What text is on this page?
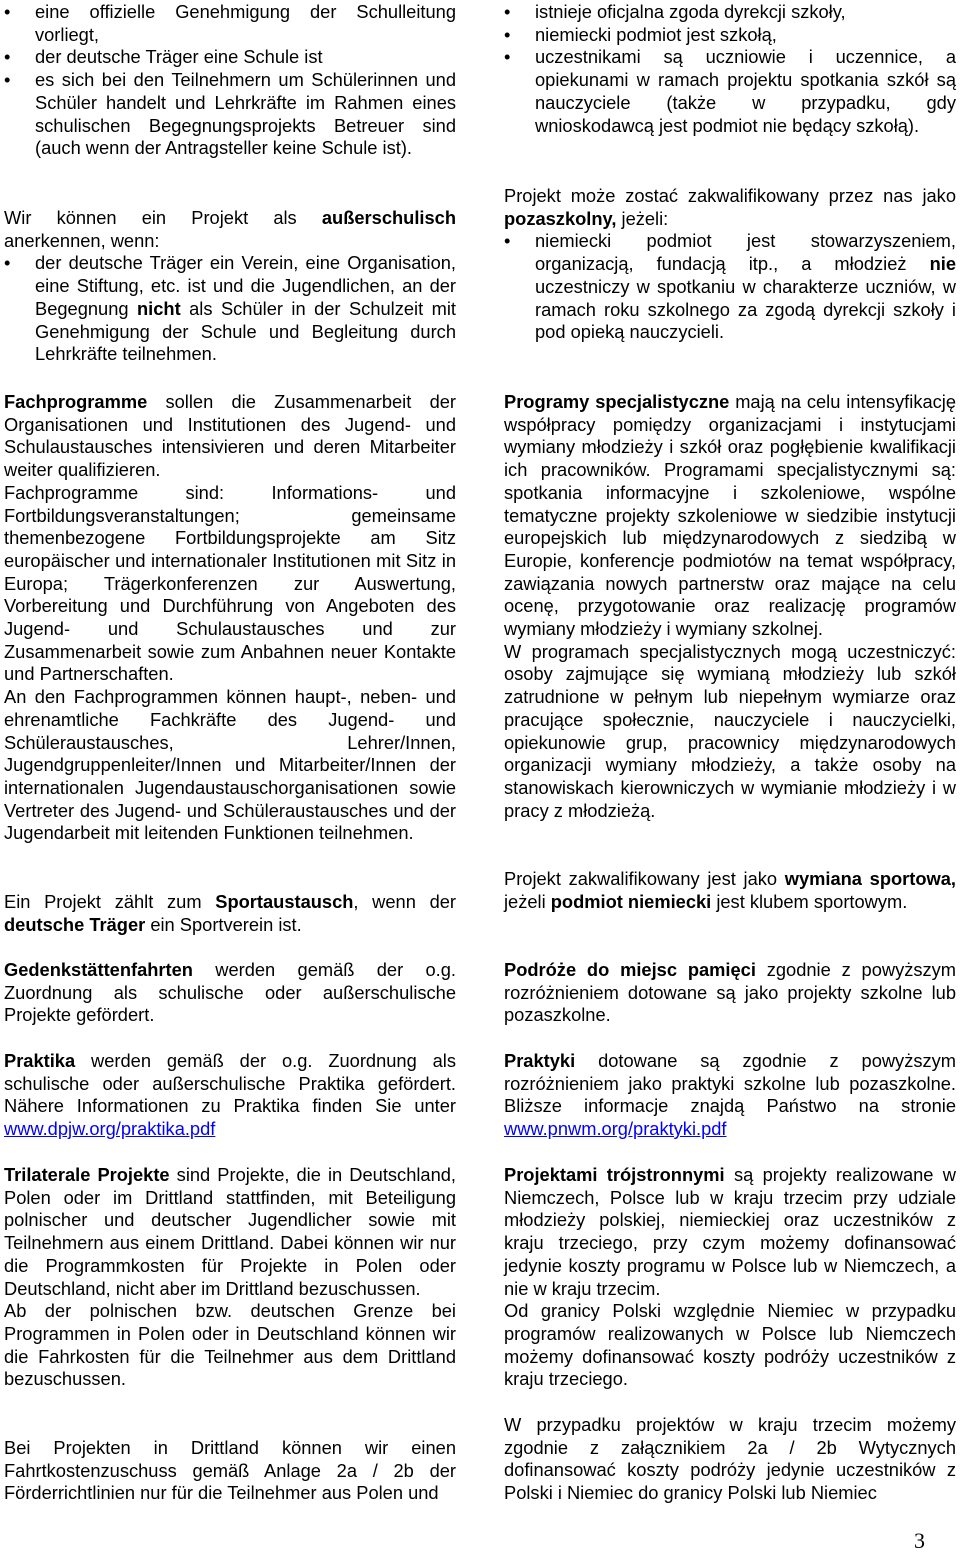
• eine offizielle Genehmigung der Schulleitung vorliegt,
• der deutsche Träger eine Schule ist
• es sich bei den Teilnehmern um Schülerinnen und Schüler handelt und Lehrkräfte im Rahmen eines schulischen Begegnungsprojekts Betreuer sind (auch wenn der Antragsteller keine Schule ist).

Wir können ein Projekt als außerschulisch anerkennen, wenn:

• der deutsche Träger ein Verein, eine Organisation, eine Stiftung, etc. ist und die Jugendlichen, an der Begegnung nicht als Schüler in der Schulzeit mit Genehmigung der Schule und Begleitung durch Lehrkräfte teilnehmen.

Fachprogramme sollen die Zusammenarbeit der Organisationen und Institutionen des Jugend- und Schulaustausches intensivieren und deren Mitarbeiter weiter qualifizieren.

Fachprogramme sind: Informations- und Fortbildungsveranstaltungen; gemeinsame themenbezogene Fortbildungsprojekte am Sitz europäischer und internationaler Institutionen mit Sitz in Europa; Trägerkonferenzen zur Auswertung, Vorbereitung und Durchführung von Angeboten des Jugend- und Schulaustausches und zur Zusammenarbeit sowie zum Anbahnen neuer Kontakte und Partnerschaften.

An den Fachprogrammen können haupt-, neben- und ehrenamtliche Fachkräfte des Jugend- und Schüleraustausches, Lehrer/Innen, Jugendgruppenleiter/Innen und Mitarbeiter/Innen der internationalen Jugendaustauschorganisationen sowie Vertreter des Jugend- und Schüleraustausches und der Jugendarbeit mit leitenden Funktionen teilnehmen.

Ein Projekt zählt zum Sportaustausch, wenn der deutsche Träger ein Sportverein ist.

Gedenkstättenfahrten werden gemäß der o.g. Zuordnung als schulische oder außerschulische Projekte gefördert.

Praktika werden gemäß der o.g. Zuordnung als schulische oder außerschulische Praktika gefördert. Nähere Informationen zu Praktika finden Sie unter www.dpjw.org/praktika.pdf

Trilaterale Projekte sind Projekte, die in Deutschland, Polen oder im Drittland stattfinden, mit Beteiligung polnischer und deutscher Jugendlicher sowie mit Teilnehmern aus einem Drittland. Dabei können wir nur die Programmkosten für Projekte in Polen oder Deutschland, nicht aber im Drittland bezuschussen.

Ab der polnischen bzw. deutschen Grenze bei Programmen in Polen oder in Deutschland können wir die Fahrkosten für die Teilnehmer aus dem Drittland bezuschussen.

Bei Projekten in Drittland können wir einen Fahrtkostenzuschuss gemäß Anlage 2a / 2b der Förderrichtlinien nur für die Teilnehmer aus Polen und

• istnieje oficjalna zgoda dyrekcji szkoły,
• niemiecki podmiot jest szkołą,
• uczestnikami są uczniowie i uczennice, a opiekunami w ramach projektu spotkania szkół są nauczyciele (także w przypadku, gdy wnioskodawcą jest podmiot nie będący szkołą).

Projekt może zostać zakwalifikowany przez nas jako pozaszkolny, jeżeli:

• niemiecki podmiot jest stowarzyszeniem, organizacją, fundacją itp., a młodzież nie uczestniczy w spotkaniu w charakterze uczniów, w ramach roku szkolnego za zgodą dyrekcji szkoły i pod opieką nauczycieli.

Programy specjalistyczne mają na celu intensyfikację współpracy pomiędzy organizacjami i instytucjami wymiany młodzieży i szkół oraz pogłębienie kwalifikacji ich pracowników. Programami specjalistycznymi są: spotkania informacyjne i szkoleniowe, wspólne tematyczne projekty szkoleniowe w siedzibie instytucji europejskich lub międzynarodowych z siedzibą w Europie, konferencje podmiotów na temat współpracy, zawiązania nowych partnerstw oraz mające na celu ocenę, przygotowanie oraz realizację programów wymiany młodzieży i wymiany szkolnej.

W programach specjalistycznych mogą uczestniczyć: osoby zajmujące się wymianą młodzieży lub szkół zatrudnione w pełnym lub niepełnym wymiarze oraz pracujące społecznie, nauczyciele i nauczycielki, opiekunowie grup, pracownicy międzynarodowych organizacji wymiany młodzieży, a także osoby na stanowiskach kierowniczych w wymianie młodzieży i w pracy z młodzieżą.

Projekt zakwalifikowany jest jako wymiana sportowa, jeżeli podmiot niemiecki jest klubem sportowym.

Podróże do miejsc pamięci zgodnie z powyższym rozróżnieniem dotowane są jako projekty szkolne lub pozaszkolne.

Praktyki dotowane są zgodnie z powyższym rozróżnieniem jako praktyki szkolne lub pozaszkolne. Bliższe informacje znajdą Państwo na stronie www.pnwm.org/praktyki.pdf

Projektami trójstronnymi są projekty realizowane w Niemczech, Polsce lub w kraju trzecim przy udziale młodzieży polskiej, niemieckiej oraz uczestników z kraju trzeciego, przy czym możemy dofinansować jedynie koszty programu w Polsce lub w Niemczech, a nie w kraju trzecim.

Od granicy Polski względnie Niemiec w przypadku programów realizowanych w Polsce lub Niemczech możemy dofinansować koszty podróży uczestników z kraju trzeciego.

W przypadku projektów w kraju trzecim możemy zgodnie z załącznikiem 2a / 2b Wytycznych dofinansować koszty podróży jedynie uczestników z Polski i Niemiec do granicy Polski lub Niemiec

3
